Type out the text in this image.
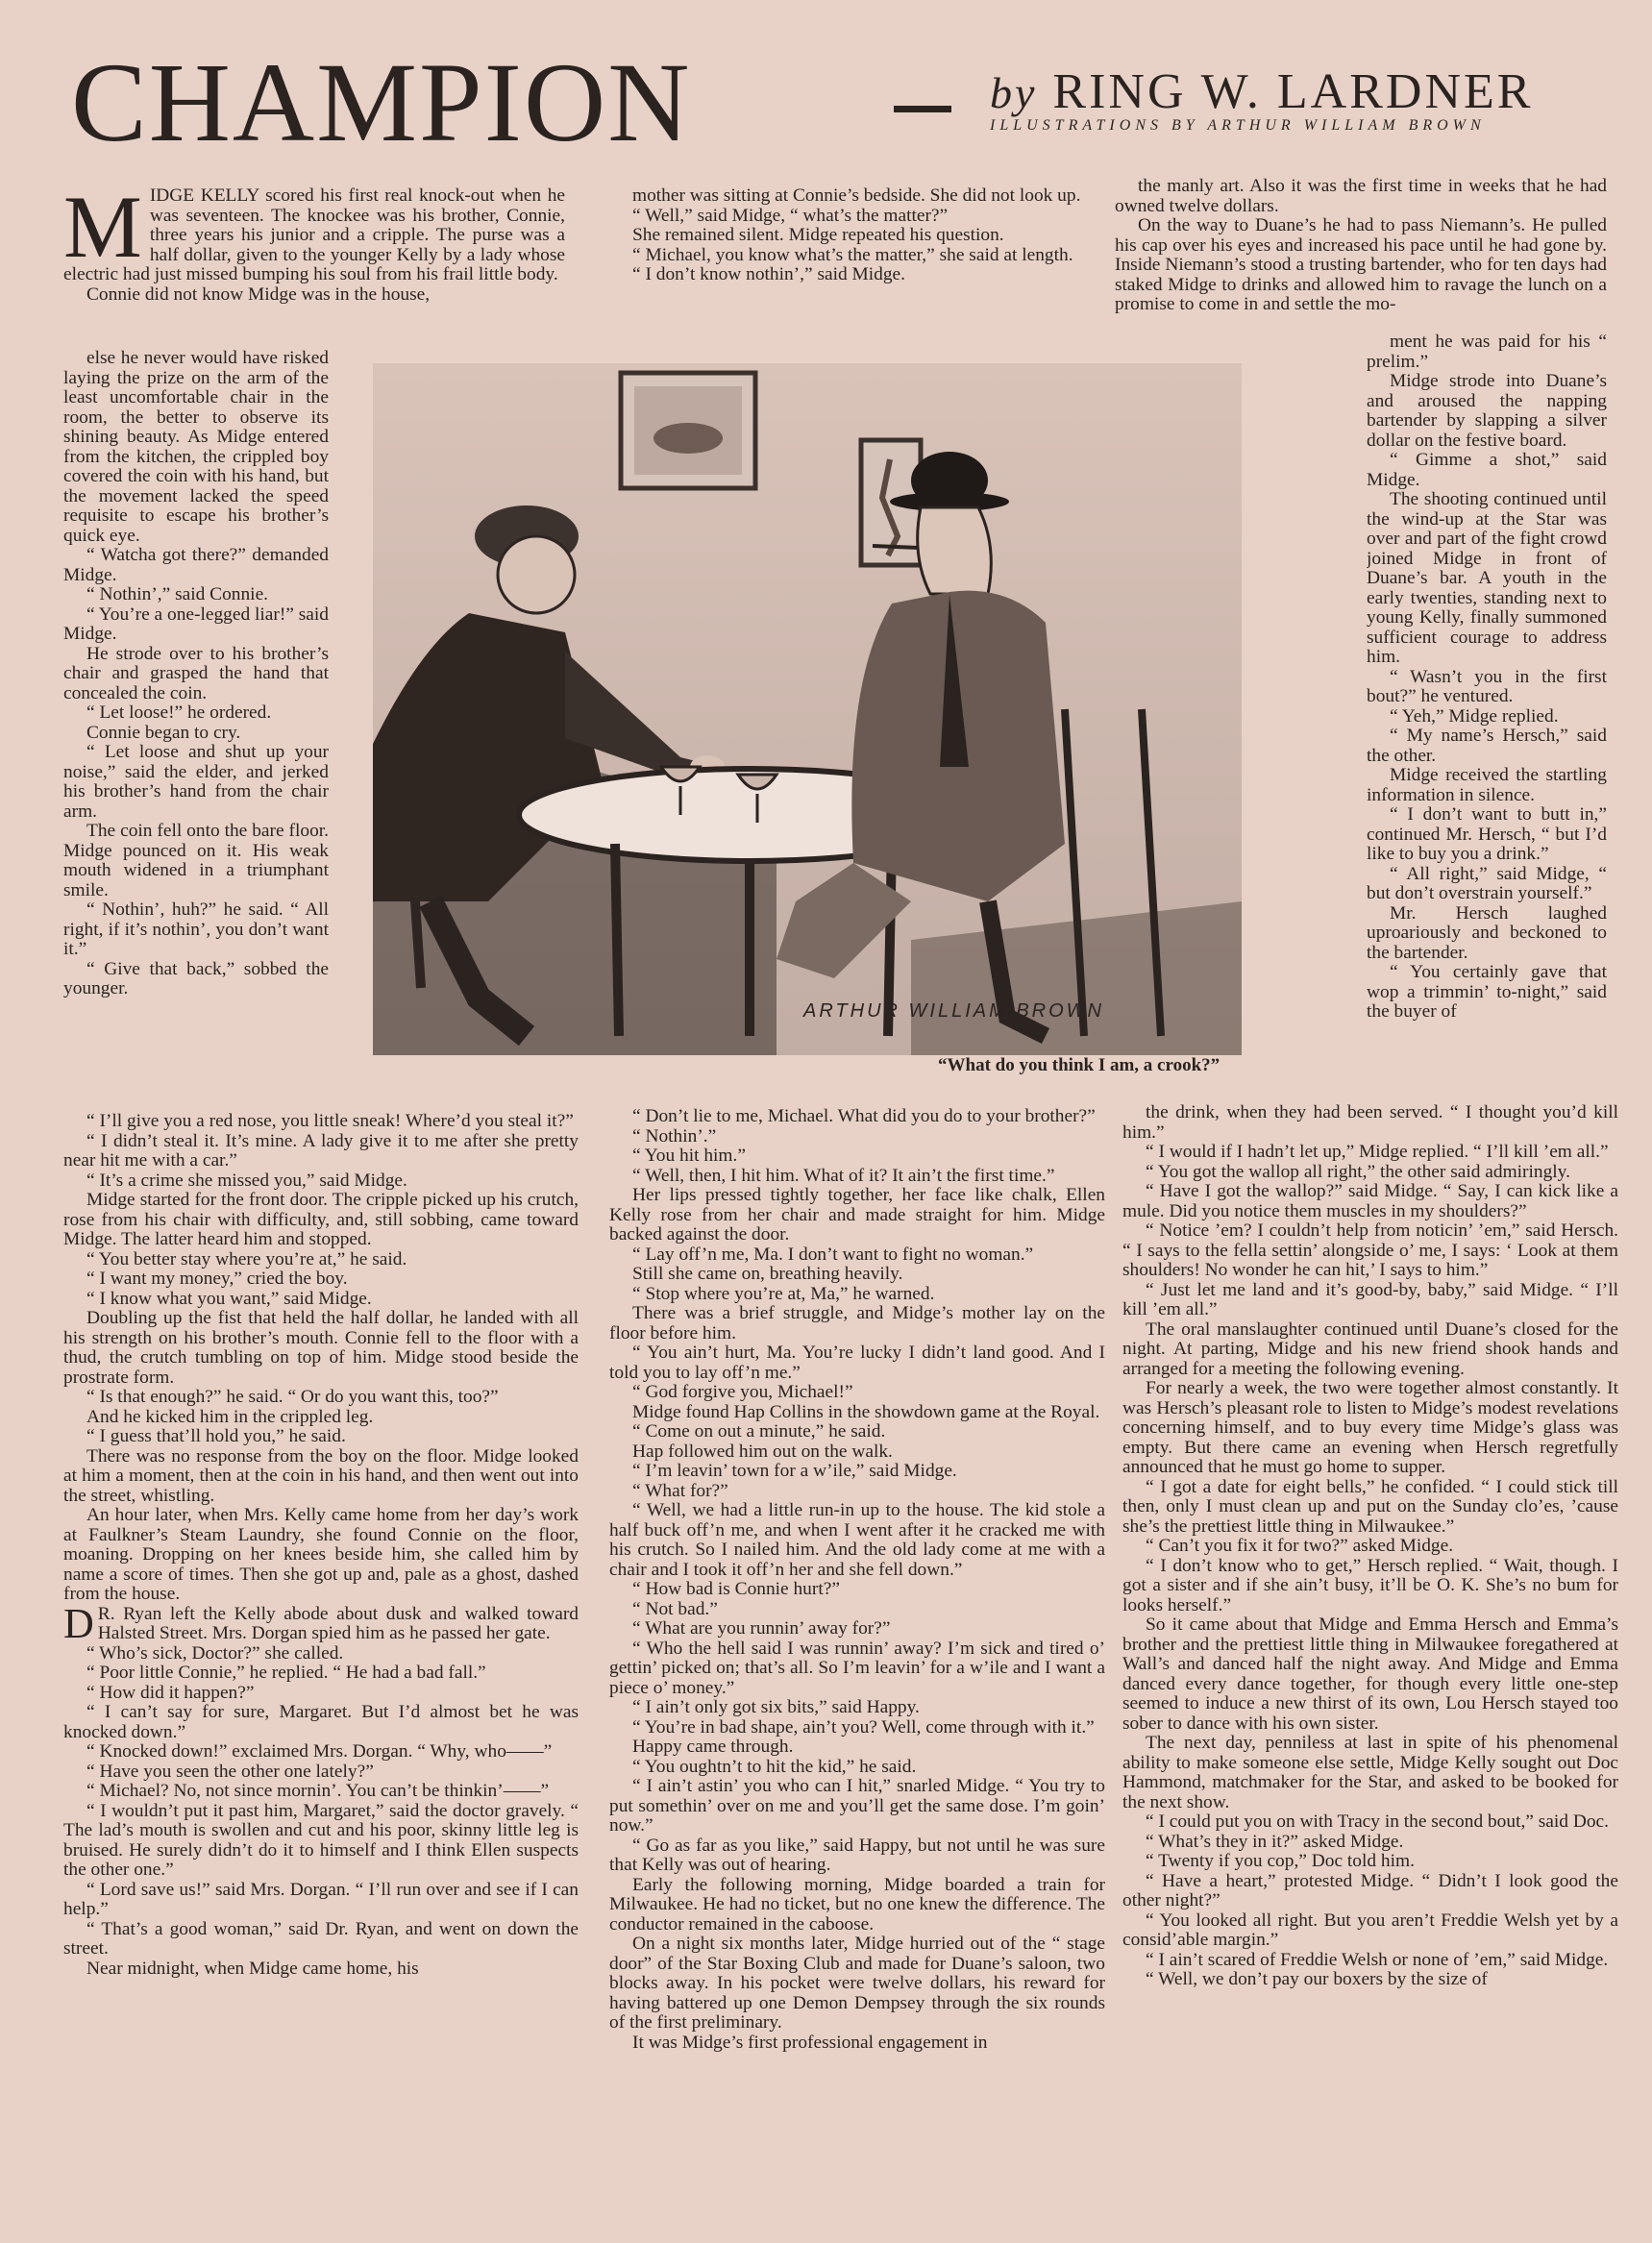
CHAMPION	by RING W. LARDNER
ILLUSTRATIONS BY ARTHUR WILLIAM BROWN

MIDGE KELLY scored his first real knock-out when he was seventeen. The knockee was his brother, Connie, three years his junior and a cripple. The purse was a half dollar, given to the younger Kelly by a lady whose electric had just missed bumping his soul from his frail little body.

Connie did not know Midge was in the house,

else he never would have risked laying the prize on the arm of the least uncomfortable chair in the room, the better to observe its shining beauty. As Midge entered from the kitchen, the crippled boy covered the coin with his hand, but the movement lacked the speed requisite to escape his brother’s quick eye.

“ Watcha got there?” demanded Midge.

“ Nothin’,” said Connie.

“ You’re a one-legged liar!” said Midge.

He strode over to his brother’s chair and grasped the hand that concealed the coin.

“ Let loose!” he ordered.

Connie began to cry.

“ Let loose and shut up your noise,” said the elder, and jerked his brother’s hand from the chair arm.

The coin fell onto the bare floor. Midge pounced on it. His weak mouth widened in a triumphant smile.

“ Nothin’, huh?” he said. “ All right, if it’s nothin’, you don’t want it.”

“ Give that back,” sobbed the younger.

“ I’ll give you a red nose, you little sneak! Where’d you steal it?”

“ I didn’t steal it. It’s mine. A lady give it to me after she pretty near hit me with a car.”

“ It’s a crime she missed you,” said Midge.

Midge started for the front door. The cripple picked up his crutch, rose from his chair with difficulty, and, still sobbing, came toward Midge. The latter heard him and stopped.

“ You better stay where you’re at,” he said.

“ I want my money,” cried the boy.

“ I know what you want,” said Midge.

Doubling up the fist that held the half dollar, he landed with all his strength on his brother’s mouth. Connie fell to the floor with a thud, the crutch tumbling on top of him. Midge stood beside the prostrate form.

“ Is that enough?” he said. “ Or do you want this, too?”

And he kicked him in the crippled leg.

“ I guess that’ll hold you,” he said.

There was no response from the boy on the floor. Midge looked at him a moment, then at the coin in his hand, and then went out into the street, whistling.

An hour later, when Mrs. Kelly came home from her day’s work at Faulkner’s Steam Laundry, she found Connie on the floor, moaning. Dropping on her knees beside him, she called him by name a score of times. Then she got up and, pale as a ghost, dashed from the house.

D R. Ryan left the Kelly abode about dusk and walked toward Halsted Street. Mrs. Dorgan spied him as he passed her gate.

“ Who’s sick, Doctor?” she called.

“ Poor little Connie,” he replied. “ He had a bad fall.”

“ How did it happen?”

“ I can’t say for sure, Margaret. But I’d almost bet he was knocked down.”

“ Knocked down!” exclaimed Mrs. Dorgan. “ Why, who——”

“ Have you seen the other one lately?”

“ Michael? No, not since mornin’. You can’t be thinkin’——”

“ I wouldn’t put it past him, Margaret,” said the doctor gravely. “ The lad’s mouth is swollen and cut and his poor, skinny little leg is bruised. He surely didn’t do it to himself and I think Ellen suspects the other one.”

“ Lord save us!” said Mrs. Dorgan. “ I’ll run over and see if I can help.”

“ That’s a good woman,” said Dr. Ryan, and went on down the street.

Near midnight, when Midge came home, his

mother was sitting at Connie’s bedside. She did not look up.

“ Well,” said Midge, “ what’s the matter?”

She remained silent. Midge repeated his question.

“ Michael, you know what’s the matter,” she said at length.

“ I don’t know nothin’,” said Midge.

“ Don’t lie to me, Michael. What did you do to your brother?”

“ Nothin’.”

“ You hit him.”

“ Well, then, I hit him. What of it? It ain’t the first time.”

Her lips pressed tightly together, her face like chalk, Ellen Kelly rose from her chair and made straight for him. Midge backed against the door.

“ Lay off’n me, Ma. I don’t want to fight no woman.”

Still she came on, breathing heavily.

“ Stop where you’re at, Ma,” he warned.

There was a brief struggle, and Midge’s mother lay on the floor before him.

“ You ain’t hurt, Ma. You’re lucky I didn’t land good. And I told you to lay off’n me.”

“ God forgive you, Michael!”

Midge found Hap Collins in the showdown game at the Royal.

“ Come on out a minute,” he said.

Hap followed him out on the walk.

“ I’m leavin’ town for a w’ile,” said Midge.

“ What for?”

“ Well, we had a little run-in up to the house. The kid stole a half buck off’n me, and when I went after it he cracked me with his crutch. So I nailed him. And the old lady come at me with a chair and I took it off’n her and she fell down.”

“ How bad is Connie hurt?”

“ Not bad.”

“ What are you runnin’ away for?”

“ Who the hell said I was runnin’ away? I’m sick and tired o’ gettin’ picked on; that’s all. So I’m leavin’ for a w’ile and I want a piece o’ money.”

“ I ain’t only got six bits,” said Happy.

“ You’re in bad shape, ain’t you? Well, come through with it.”

Happy came through.

“ You oughtn’t to hit the kid,” he said.

“ I ain’t astin’ you who can I hit,” snarled Midge. “ You try to put somethin’ over on me and you’ll get the same dose. I’m goin’ now.”

“ Go as far as you like,” said Happy, but not until he was sure that Kelly was out of hearing.

Early the following morning, Midge boarded a train for Milwaukee. He had no ticket, but no one knew the difference. The conductor remained in the caboose.

On a night six months later, Midge hurried out of the “ stage door” of the Star Boxing Club and made for Duane’s saloon, two blocks away. In his pocket were twelve dollars, his reward for having battered up one Demon Dempsey through the six rounds of the first preliminary.

It was Midge’s first professional engagement in

the manly art. Also it was the first time in weeks that he had owned twelve dollars.

On the way to Duane’s he had to pass Niemann’s. He pulled his cap over his eyes and increased his pace until he had gone by. Inside Niemann’s stood a trusting bartender, who for ten days had staked Midge to drinks and allowed him to ravage the lunch on a promise to come in and settle the mo-

ment he was paid for his “ prelim.”

Midge strode into Duane’s and aroused the napping bartender by slapping a silver dollar on the festive board.

“ Gimme a shot,” said Midge.

The shooting continued until the wind-up at the Star was over and part of the fight crowd joined Midge in front of Duane’s bar. A youth in the early twenties, standing next to young Kelly, finally summoned sufficient courage to address him.

“ Wasn’t you in the first bout?” he ventured.

“ Yeh,” Midge replied.

“ My name’s Hersch,” said the other.

Midge received the startling information in silence.

“ I don’t want to butt in,” continued Mr. Hersch, “ but I’d like to buy you a drink.”

“ All right,” said Midge, “ but don’t overstrain yourself.”

Mr. Hersch laughed uproariously and beckoned to the bartender.

“ You certainly gave that wop a trimmin’ to-night,” said the buyer of

the drink, when they had been served. “ I thought you’d kill him.”

“ I would if I hadn’t let up,” Midge replied. “ I’ll kill ’em all.”

“ You got the wallop all right,” the other said admiringly.

“ Have I got the wallop?” said Midge. “ Say, I can kick like a mule. Did you notice them muscles in my shoulders?”

“ Notice ’em? I couldn’t help from noticin’ ’em,” said Hersch. “ I says to the fella settin’ alongside o’ me, I says: ‘ Look at them shoulders! No wonder he can hit,’ I says to him.”

“ Just let me land and it’s good-by, baby,” said Midge. “ I’ll kill ’em all.”

The oral manslaughter continued until Duane’s closed for the night. At parting, Midge and his new friend shook hands and arranged for a meeting the following evening.

For nearly a week, the two were together almost constantly. It was Hersch’s pleasant role to listen to Midge’s modest revelations concerning himself, and to buy every time Midge’s glass was empty. But there came an evening when Hersch regretfully announced that he must go home to supper.

“ I got a date for eight bells,” he confided. “ I could stick till then, only I must clean up and put on the Sunday clo’es, ’cause she’s the prettiest little thing in Milwaukee.”

“ Can’t you fix it for two?” asked Midge.

“ I don’t know who to get,” Hersch replied. “ Wait, though. I got a sister and if she ain’t busy, it’ll be O. K. She’s no bum for looks herself.”

So it came about that Midge and Emma Hersch and Emma’s brother and the prettiest little thing in Milwaukee foregathered at Wall’s and danced half the night away. And Midge and Emma danced every dance together, for though every little one-step seemed to induce a new thirst of its own, Lou Hersch stayed too sober to dance with his own sister.

The next day, penniless at last in spite of his phenomenal ability to make someone else settle, Midge Kelly sought out Doc Hammond, matchmaker for the Star, and asked to be booked for the next show.

“ I could put you on with Tracy in the second bout,” said Doc.

“ What’s they in it?” asked Midge.

“ Twenty if you cop,” Doc told him.

“ Have a heart,” protested Midge. “ Didn’t I look good the other night?”

“ You looked all right. But you aren’t Freddie Welsh yet by a consid’able margin.”

“ I ain’t scared of Freddie Welsh or none of ’em,” said Midge.

“ Well, we don’t pay our boxers by the size of

ARTHUR WILLIAM BROWN
“What do you think I am, a crook?”
